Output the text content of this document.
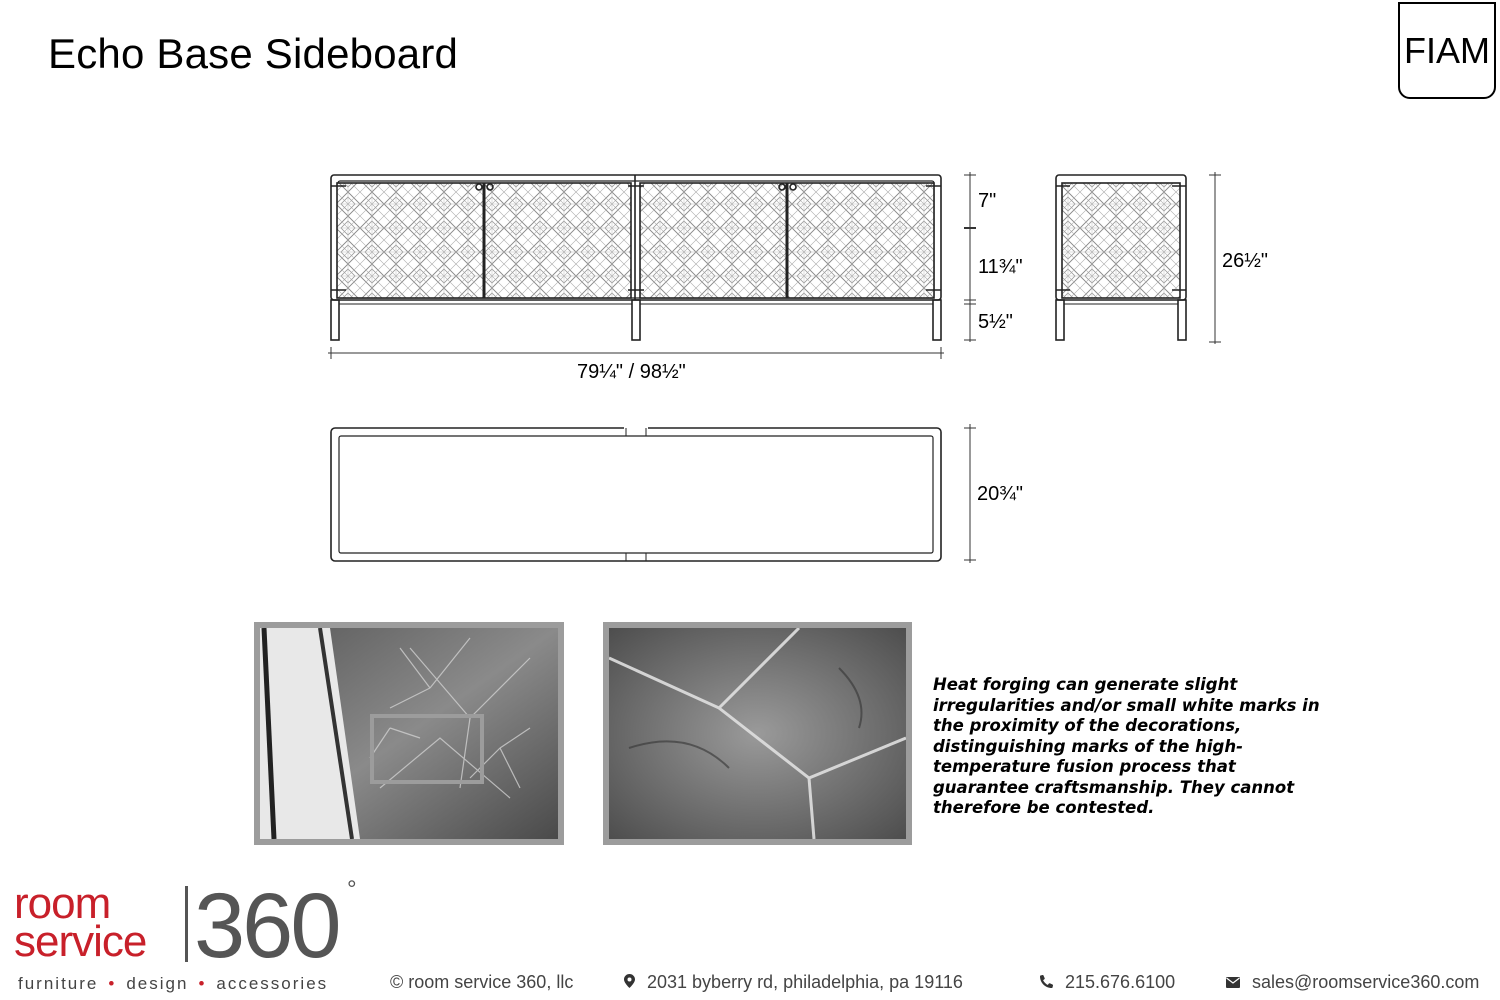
Echo Base Sideboard	FIAM
7"
11¾"
5½"
26½"
79¼" / 98½"
20¾"
Heat forging can generate slight irregularities and/or small white marks in the proximity of the decorations, distinguishing marks of the high-temperature fusion process that guarantee craftsmanship. They cannot therefore be contested.
room
service 360 °
furniture • design • accessories	© room service 360, llc	2031 byberry rd, philadelphia, pa 19116	215.676.6100	sales@roomservice360.com
